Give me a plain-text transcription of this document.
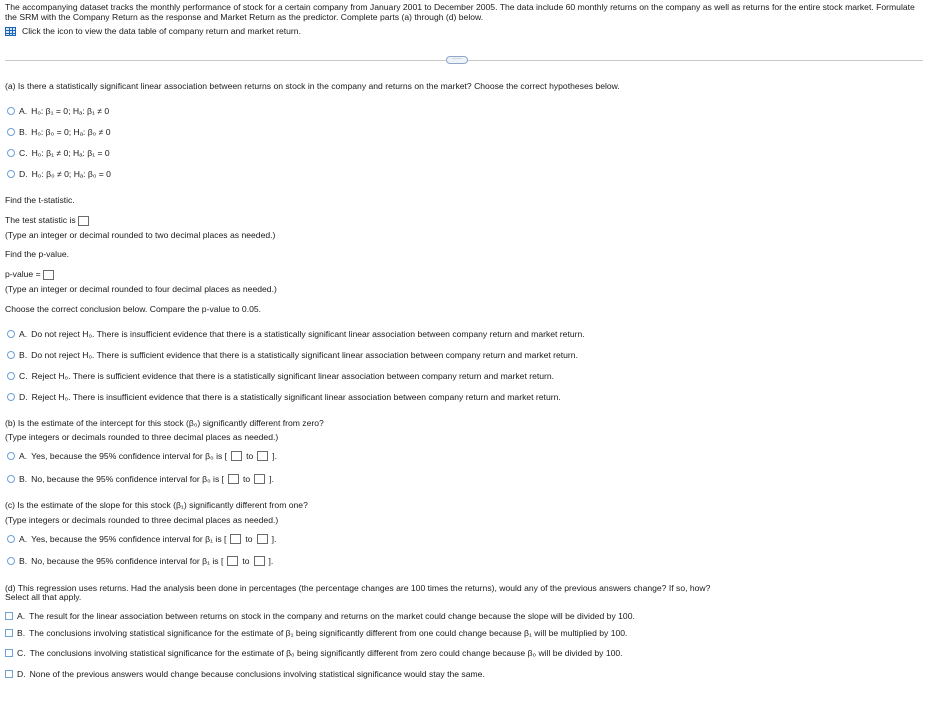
The accompanying dataset tracks the monthly performance of stock for a certain company from January 2001 to December 2005. The data include 60 monthly returns on the company as well as returns for the entire stock market. Formulate the SRM with the Company Return as the response and Market Return as the predictor. Complete parts (a) through (d) below.
Click the icon to view the data table of company return and market return.
·····
(a) Is there a statistically significant linear association between returns on stock in the company and returns on the market? Choose the correct hypotheses below.
A. H₀: β₁ = 0; Hₐ: β₁ ≠ 0
B. H₀: β₀ = 0; Hₐ: β₀ ≠ 0
C. H₀: β₁ ≠ 0; Hₐ: β₁ = 0
D. H₀: β₀ ≠ 0; Hₐ: β₀ = 0
Find the t-statistic.
The test statistic is
(Type an integer or decimal rounded to two decimal places as needed.)
Find the p-value.
p-value =
(Type an integer or decimal rounded to four decimal places as needed.)
Choose the correct conclusion below. Compare the p-value to 0.05.
A. Do not reject H₀. There is insufficient evidence that there is a statistically significant linear association between company return and market return.
B. Do not reject H₀. There is sufficient evidence that there is a statistically significant linear association between company return and market return.
C. Reject H₀. There is sufficient evidence that there is a statistically significant linear association between company return and market return.
D. Reject H₀. There is insufficient evidence that there is a statistically significant linear association between company return and market return.
(b) Is the estimate of the intercept for this stock (β₀) significantly different from zero?
(Type integers or decimals rounded to three decimal places as needed.)
A. Yes, because the 95% confidence interval for β₀ is [ to ].
B. No, because the 95% confidence interval for β₀ is [ to ].
(c) Is the estimate of the slope for this stock (β₁) significantly different from one?
(Type integers or decimals rounded to three decimal places as needed.)
A. Yes, because the 95% confidence interval for β₁ is [ to ].
B. No, because the 95% confidence interval for β₁ is [ to ].
(d) This regression uses returns. Had the analysis been done in percentages (the percentage changes are 100 times the returns), would any of the previous answers change? If so, how?
Select all that apply.
A. The result for the linear association between returns on stock in the company and returns on the market could change because the slope will be divided by 100.
B. The conclusions involving statistical significance for the estimate of β₁ being significantly different from one could change because β₁ will be multiplied by 100.
C. The conclusions involving statistical significance for the estimate of β₀ being significantly different from zero could change because β₀ will be divided by 100.
D. None of the previous answers would change because conclusions involving statistical significance would stay the same.
